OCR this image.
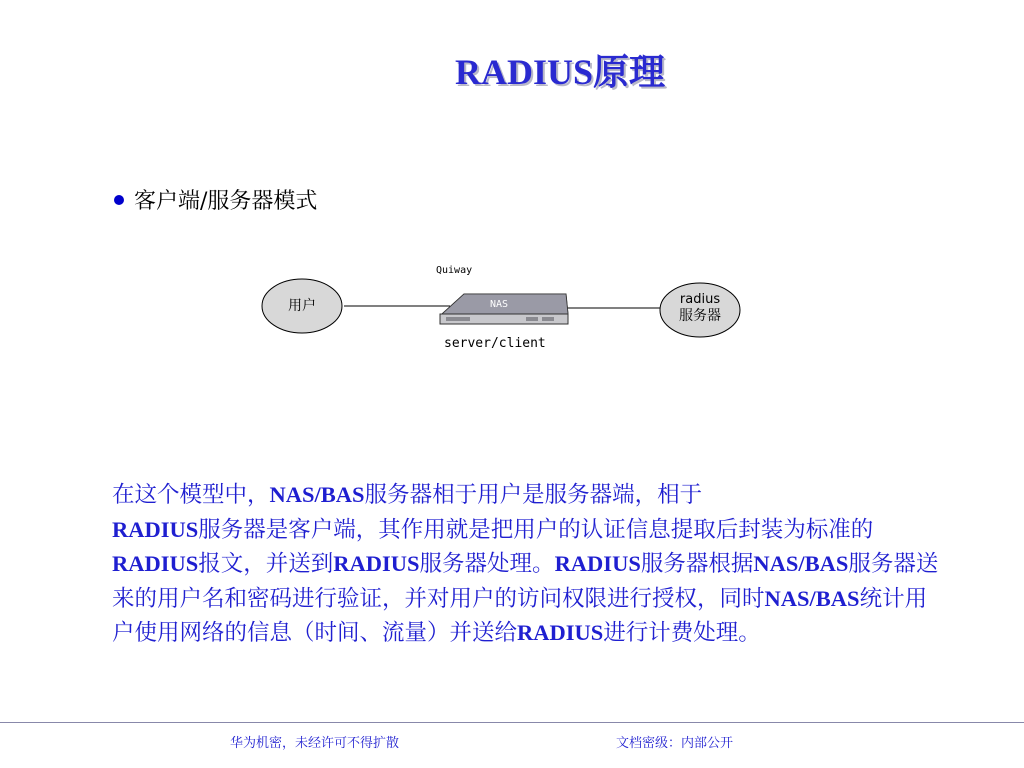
RADIUS原理
客户端/服务器模式
用户
Quiway
NAS	radius
服务器
server/client
在这个模型中，NAS/BAS服务器相于用户是服务器端，相于
RADIUS服务器是客户端，其作用就是把用户的认证信息提取后封装为标准的RADIUS报文，并送到RADIUS服务器处理。RADIUS服务器根据NAS/BAS服务器送来的用户名和密码进行验证，并对用户的访问权限进行授权，同时NAS/BAS统计用户使用网络的信息（时间、流量）并送给RADIUS进行计费处理。
华为机密，未经许可不得扩散	文档密级：内部公开
